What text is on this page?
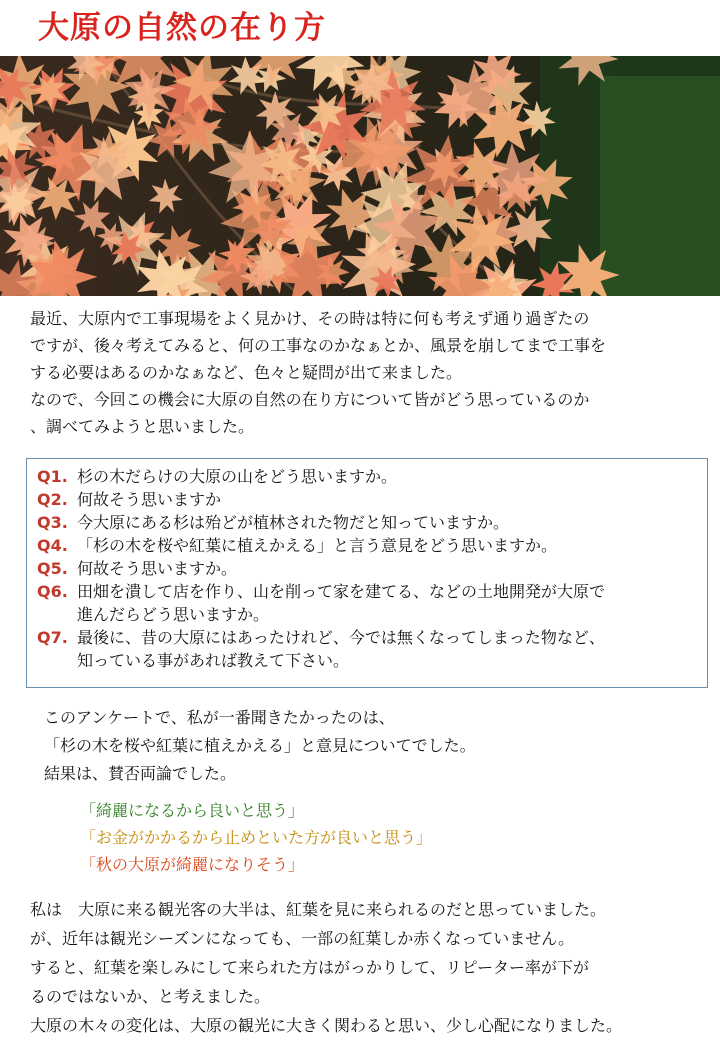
大原の自然の在り方

最近、大原内で工事現場をよく見かけ、その時は特に何も考えず通り過ぎたの

ですが、後々考えてみると、何の工事なのかなぁとか、風景を崩してまで工事を

する必要はあるのかなぁなど、色々と疑問が出て来ました。

なので、今回この機会に大原の自然の在り方について皆がどう思っているのか

、調べてみようと思いました。

Q1. 杉の木だらけの大原の山をどう思いますか。
Q2. 何故そう思いますか
Q3. 今大原にある杉は殆どが植林された物だと知っていますか。
Q4. 「杉の木を桜や紅葉に植えかえる」と言う意見をどう思いますか。
Q5. 何故そう思いますか。
Q6. 田畑を潰して店を作り、山を削って家を建てる、などの土地開発が大原で
進んだらどう思いますか。
Q7. 最後に、昔の大原にはあったけれど、今では無くなってしまった物など、
知っている事があれば教えて下さい。

このアンケートで、私が一番聞きたかったのは、

「杉の木を桜や紅葉に植えかえる」と意見についてでした。

結果は、賛否両論でした。

「綺麗になるから良いと思う」

「お金がかかるから止めといた方が良いと思う」

「秋の大原が綺麗になりそう」

私は　大原に来る観光客の大半は、紅葉を見に来られるのだと思っていました。

が、近年は観光シーズンになっても、一部の紅葉しか赤くなっていません。

すると、紅葉を楽しみにして来られた方はがっかりして、リピーター率が下が

るのではないか、と考えました。

大原の木々の変化は、大原の観光に大きく関わると思い、少し心配になりました。
